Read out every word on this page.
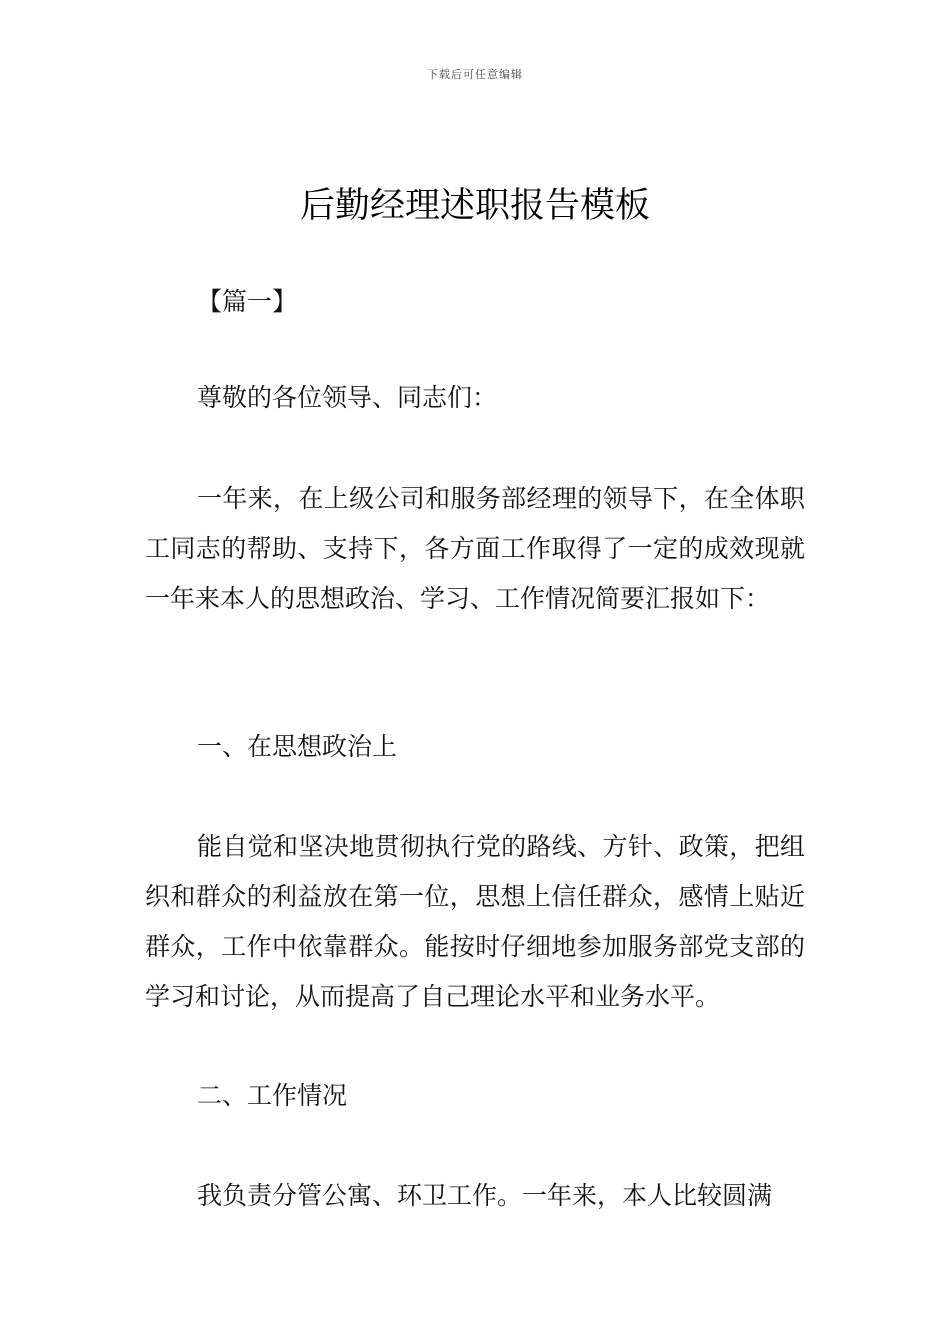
下载后可任意编辑
后勤经理述职报告模板

【篇一】

尊敬的各位领导、同志们：

一年来，在上级公司和服务部经理的领导下，在全体职工同志的帮助、支持下，各方面工作取得了一定的成效现就一年来本人的思想政治、学习、工作情况简要汇报如下：

一、在思想政治上

能自觉和坚决地贯彻执行党的路线、方针、政策，把组织和群众的利益放在第一位，思想上信任群众，感情上贴近群众，工作中依靠群众。能按时仔细地参加服务部党支部的学习和讨论，从而提高了自己理论水平和业务水平。

二、工作情况

我负责分管公寓、环卫工作。一年来，本人比较圆满
